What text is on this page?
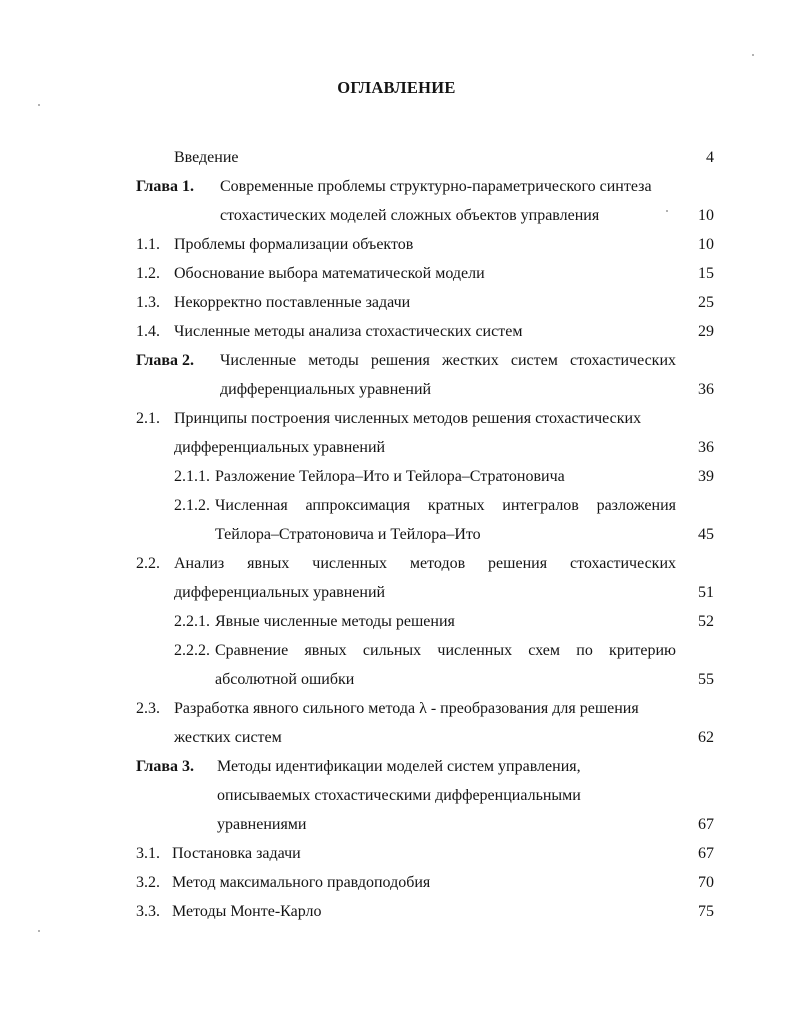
ОГЛАВЛЕНИЕ
Введение	4
Глава 1. Современные проблемы структурно-параметрического синтеза
стохастических моделей сложных объектов управления	10
1.1. Проблемы формализации объектов	10
1.2. Обоснование выбора математической модели	15
1.3. Некорректно поставленные задачи	25
1.4. Численные методы анализа стохастических систем	29
Глава 2. Численные методы решения жестких систем стохастических
дифференциальных уравнений	36
2.1. Принципы построения численных методов решения стохастических
дифференциальных уравнений	36
2.1.1. Разложение Тейлора–Ито и Тейлора–Стратоновича	39
2.1.2. Численная аппроксимация кратных интегралов разложения
Тейлора–Стратоновича и Тейлора–Ито	45
2.2. Анализ явных численных методов решения стохастических
дифференциальных уравнений	51
2.2.1. Явные численные методы решения	52
2.2.2. Сравнение явных сильных численных схем по критерию
абсолютной ошибки	55
2.3. Разработка явного сильного метода λ - преобразования для решения
жестких систем	62
Глава 3. Методы идентификации моделей систем управления,
описываемых стохастическими дифференциальными
уравнениями	67
3.1. Постановка задачи	67
3.2. Метод максимального правдоподобия	70
3.3. Методы Монте-Карло	75
